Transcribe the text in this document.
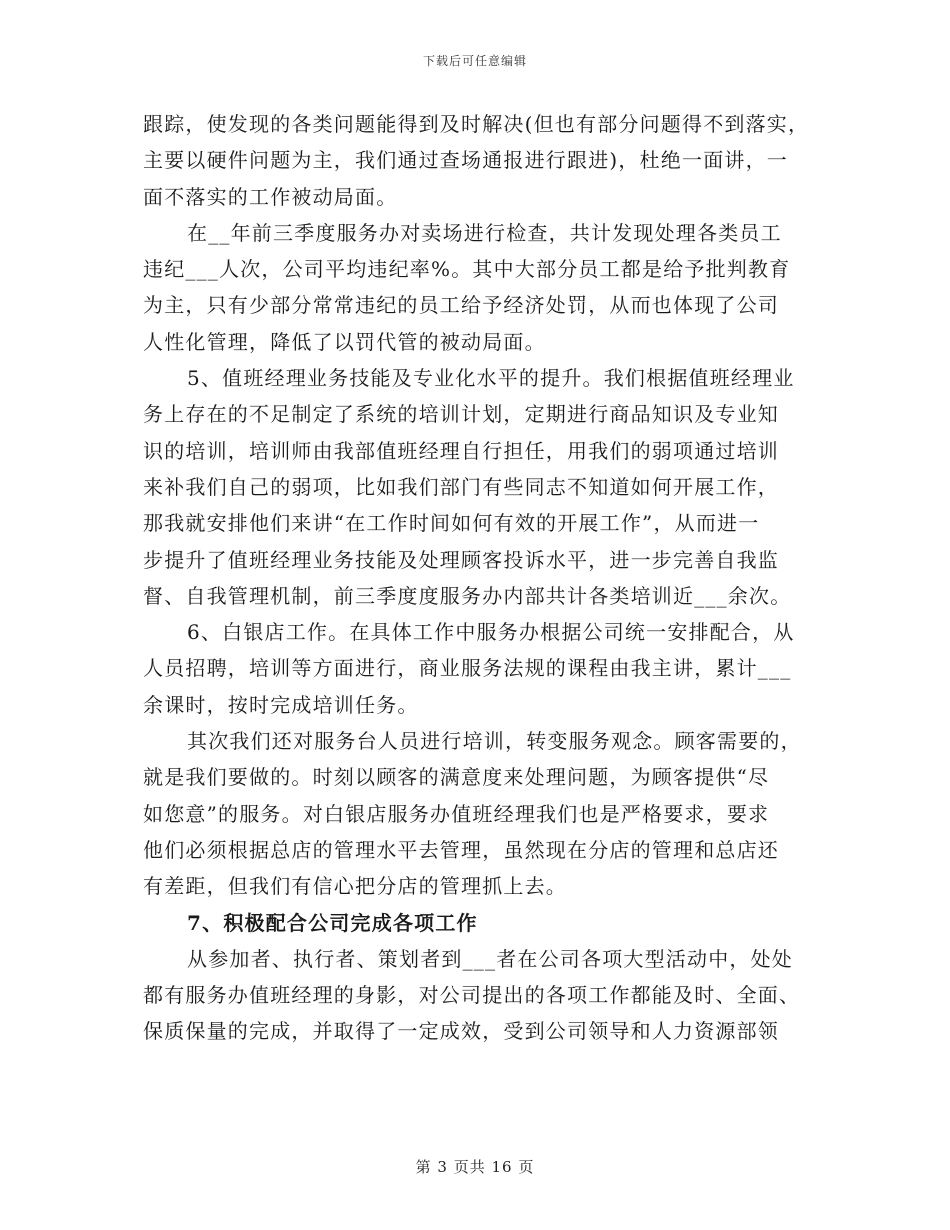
下载后可任意编辑
跟踪，使发现的各类问题能得到及时解决(但也有部分问题得不到落实，
主要以硬件问题为主，我们通过查场通报进行跟进)，杜绝一面讲，一
面不落实的工作被动局面。
在__年前三季度服务办对卖场进行检查，共计发现处理各类员工
违纪___人次，公司平均违纪率%。其中大部分员工都是给予批判教育
为主，只有少部分常常违纪的员工给予经济处罚，从而也体现了公司
人性化管理，降低了以罚代管的被动局面。
5、值班经理业务技能及专业化水平的提升。我们根据值班经理业
务上存在的不足制定了系统的培训计划，定期进行商品知识及专业知
识的培训，培训师由我部值班经理自行担任，用我们的弱项通过培训
来补我们自己的弱项，比如我们部门有些同志不知道如何开展工作，
那我就安排他们来讲“在工作时间如何有效的开展工作”，从而进一
步提升了值班经理业务技能及处理顾客投诉水平，进一步完善自我监
督、自我管理机制，前三季度度服务办内部共计各类培训近___余次。
6、白银店工作。在具体工作中服务办根据公司统一安排配合，从
人员招聘，培训等方面进行，商业服务法规的课程由我主讲，累计___
余课时，按时完成培训任务。
其次我们还对服务台人员进行培训，转变服务观念。顾客需要的，
就是我们要做的。时刻以顾客的满意度来处理问题，为顾客提供“尽
如您意”的服务。对白银店服务办值班经理我们也是严格要求，要求
他们必须根据总店的管理水平去管理，虽然现在分店的管理和总店还
有差距，但我们有信心把分店的管理抓上去。
7、积极配合公司完成各项工作
从参加者、执行者、策划者到___者在公司各项大型活动中，处处
都有服务办值班经理的身影，对公司提出的各项工作都能及时、全面、
保质保量的完成，并取得了一定成效，受到公司领导和人力资源部领
第 3 页共 16 页
